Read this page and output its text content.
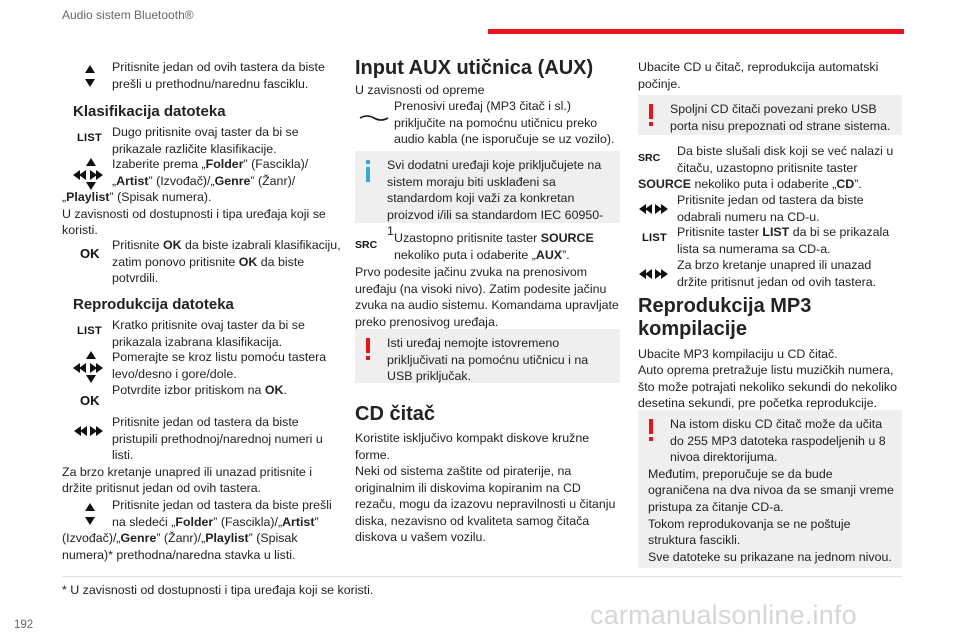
Audio sistem Bluetooth®
Pritisnite jedan od ovih tastera da biste prešli u prethodnu/narednu fasciklu.
Klasifikacija datoteka
LIST Dugo pritisnite ovaj taster da bi se prikazale različite klasifikacije.
Izaberite prema „Folder” (Fascikla)/
„Artist” (Izvođač)/„Genre” (Žanr)/
„Playlist” (Spisak numera).
U zavisnosti od dostupnosti i tipa uređaja koji se koristi.
OK
Pritisnite OK da biste izabrali klasifikaciju, zatim ponovo pritisnite OK da biste potvrdili.
Reprodukcija datoteka
LIST Kratko pritisnite ovaj taster da bi se prikazala izabrana klasifikacija.
Pomerajte se kroz listu pomoću tastera levo/desno i gore/dole.
OK
Potvrdite izbor pritiskom na OK.
Pritisnite jedan od tastera da biste pristupili prethodnoj/narednoj numeri u listi.
Za brzo kretanje unapred ili unazad pritisnite i držite pritisnut jedan od ovih tastera.
Pritisnite jedan od tastera da biste prešli na sledeći „Folder” (Fascikla)/„Artist”
(Izvođač)/„Genre” (Žanr)/„Playlist” (Spisak numera)* prethodna/naredna stavka u listi.
Input AUX utičnica (AUX)
U zavisnosti od opreme
Prenosivi uređaj (MP3 čitač i sl.) priključite na pomoćnu utičnicu preko audio kabla (ne isporučuje se uz vozilo).
Svi dodatni uređaji koje priključujete na sistem moraju biti usklađeni sa standardom koji važi za konkretan proizvod i/ili sa standardom IEC 60950-1.
SRC	Uzastopno pritisnite taster SOURCE nekoliko puta i odaberite „AUX”.
Prvo podesite jačinu zvuka na prenosivom uređaju (na visoki nivo). Zatim podesite jačinu zvuka na audio sistemu. Komandama upravljate preko prenosivog uređaja.
Isti uređaj nemojte istovremeno priključivati na pomoćnu utičnicu i na USB priključak.
CD čitač
Koristite isključivo kompakt diskove kružne forme.
Neki od sistema zaštite od piraterije, na originalnim ili diskovima kopiranim na CD rezaču, mogu da izazovu nepravilnosti u čitanju diska, nezavisno od kvaliteta samog čitača diskova u vašem vozilu.
Ubacite CD u čitač, reprodukcija automatski počinje.
Spoljni CD čitači povezani preko USB porta nisu prepoznati od strane sistema.
SRC	Da biste slušali disk koji se već nalazi u čitaču, uzastopno pritisnite taster
SOURCE nekoliko puta i odaberite „CD”.
Pritisnite jedan od tastera da biste odabrali numeru na CD-u.
LIST Pritisnite taster LIST da bi se prikazala lista sa numerama sa CD-a.
Za brzo kretanje unapred ili unazad držite pritisnut jedan od ovih tastera.
Reprodukcija MP3 kompilacije
Ubacite MP3 kompilaciju u CD čitač.
Auto oprema pretražuje listu muzičkih numera, što može potrajati nekoliko sekundi do nekoliko desetina sekundi, pre početka reprodukcije.
Na istom disku CD čitač može da učita do 255 MP3 datoteka raspodeljenih u 8 nivoa direktorijuma.
Međutim, preporučuje se da bude ograničena na dva nivoa da se smanji vreme pristupa za čitanje CD-a.
Tokom reprodukovanja se ne poštuje struktura fascikli.
Sve datoteke su prikazane na jednom nivou.
* U zavisnosti od dostupnosti i tipa uređaja koji se koristi.
192	carmanualsonline.info
